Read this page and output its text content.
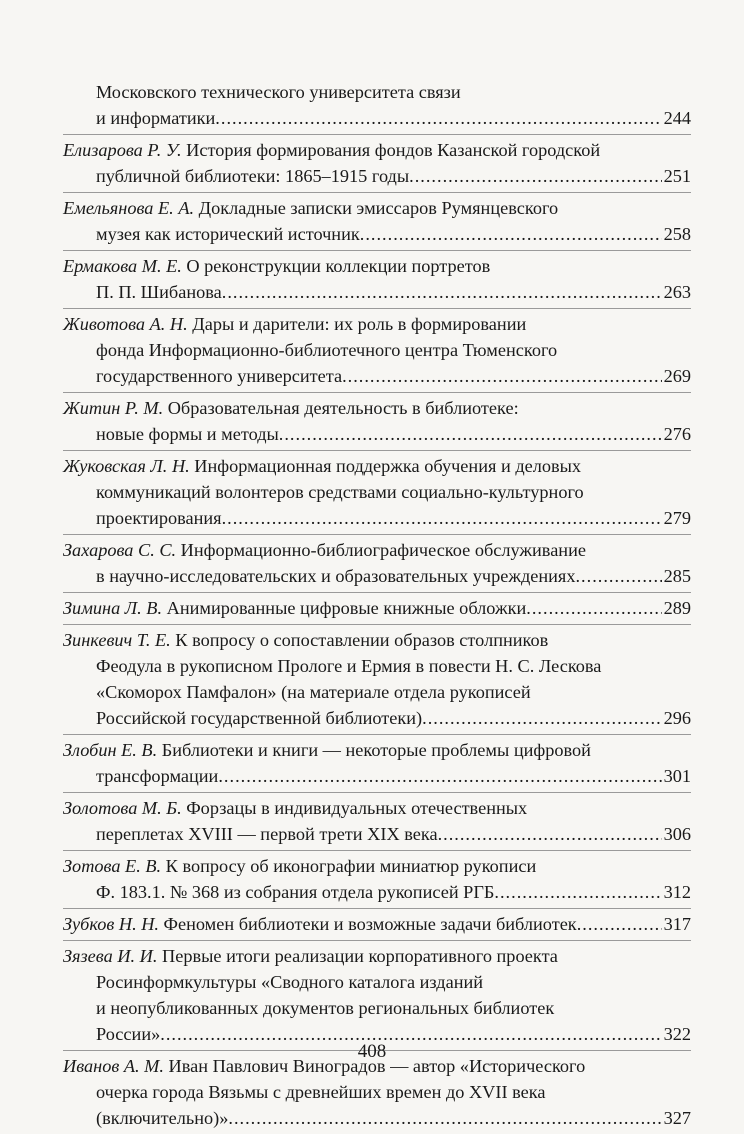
Московского технического университета связи
и информатики .....	244
Елизарова Р. У. История формирования фондов Казанской городской
публичной библиотеки: 1865–1915 годы .....	251
Емельянова Е. А. Докладные записки эмиссаров Румянцевского
музея как исторический источник .....	258
Ермакова М. Е. О реконструкции коллекции портретов
П. П. Шибанова .....	263
Животова А. Н. Дары и дарители: их роль в формировании
фонда Информационно-библиотечного центра Тюменского
государственного университета .....	269
Житин Р. М. Образовательная деятельность в библиотеке:
новые формы и методы .....	276
Жуковская Л. Н. Информационная поддержка обучения и деловых
коммуникаций волонтеров средствами социально-культурного
проектирования .....	279
Захарова С. С. Информационно-библиографическое обслуживание
в научно-исследовательских и образовательных учреждениях .....	285
Зимина Л. В. Анимированные цифровые книжные обложки .....	289
Зинкевич Т. Е. К вопросу о сопоставлении образов столпников
Феодула в рукописном Прологе и Ермия в повести Н. С. Лескова
«Скоморох Памфалон» (на материале отдела рукописей
Российской государственной библиотеки) .....	296
Злобин Е. В. Библиотеки и книги — некоторые проблемы цифровой
трансформации .....	301
Золотова М. Б. Форзацы в индивидуальных отечественных
переплетах XVIII — первой трети XIX века .....	306
Зотова Е. В. К вопросу об иконографии миниатюр рукописи
Ф. 183.1. № 368 из собрания отдела рукописей РГБ .....	312
Зубков Н. Н. Феномен библиотеки и возможные задачи библиотек .....	317
Зязева И. И. Первые итоги реализации корпоративного проекта
Росинформкультуры «Сводного каталога изданий
и неопубликованных документов региональных библиотек
России» .....	322
Иванов А. М. Иван Павлович Виноградов — автор «Исторического
очерка города Вязьмы с древнейших времен до XVII века
(включительно)» .....	327
408
